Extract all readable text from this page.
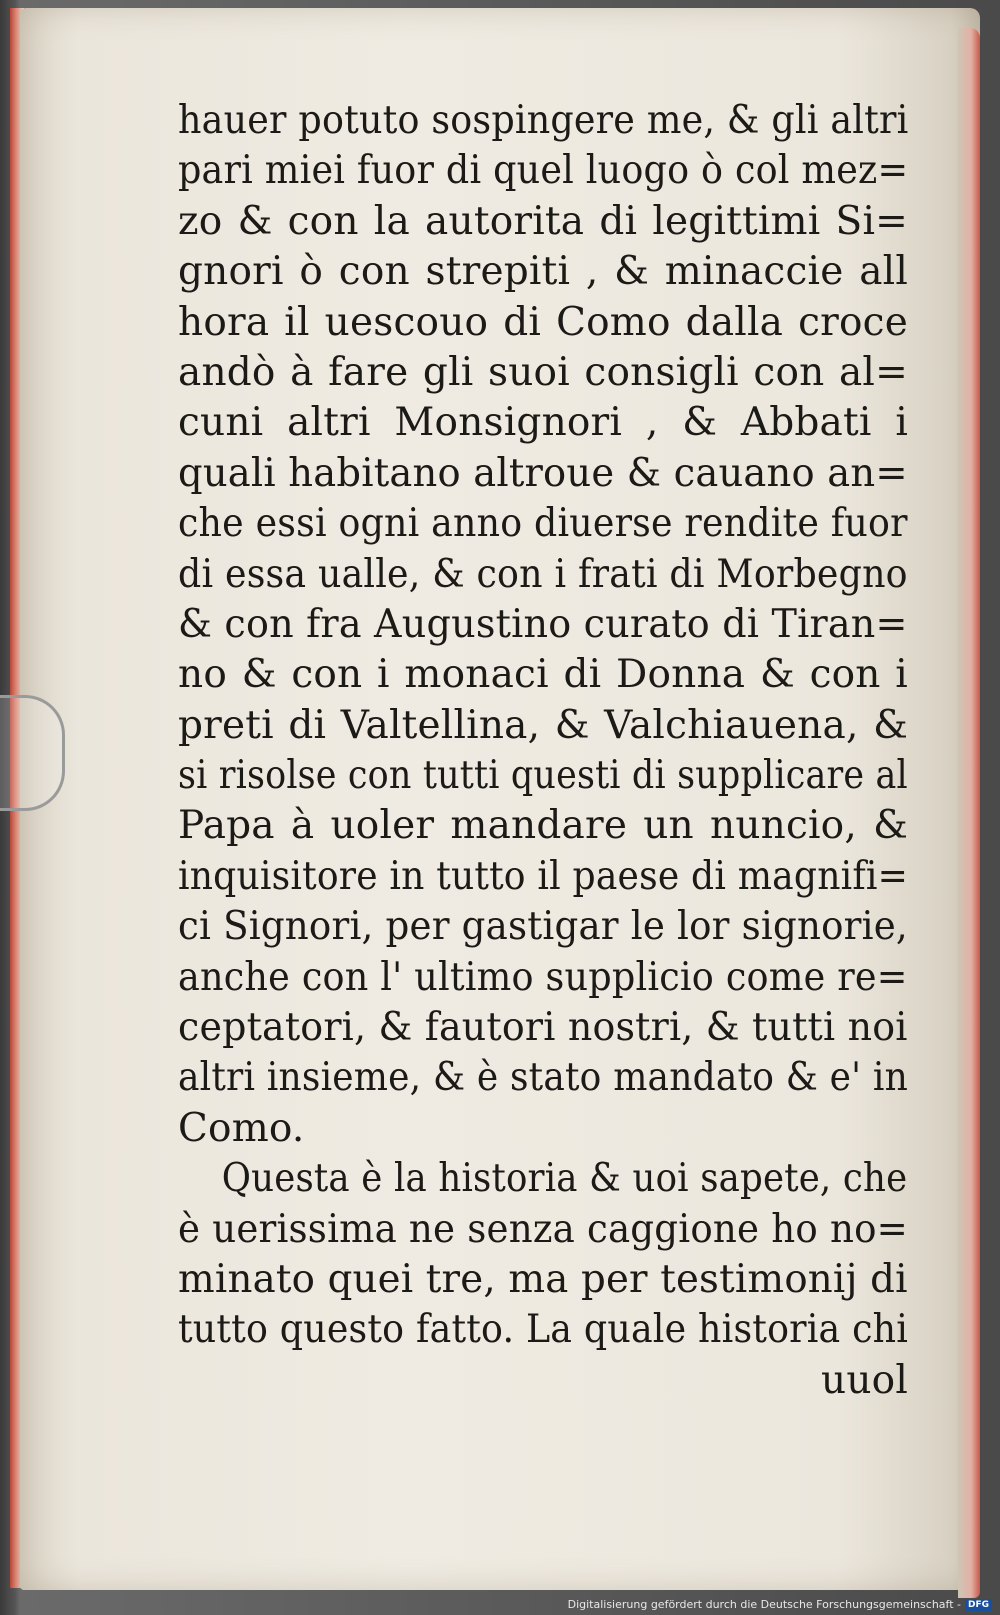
hauer potuto sospingere me, & gli altri
pari miei fuor di quel luogo ò col mez=
zo & con la autorita di legittimi Si=
gnori ò con strepiti , & minaccie all
hora il uescouo di Como dalla croce
andò à fare gli suoi consigli con al=
cuni altri Monsignori , & Abbati i
quali habitano altroue & cauano an=
che essi ogni anno diuerse rendite fuor
di essa ualle, & con i frati di Morbegno
& con fra Augustino curato di Tiran=
no & con i monaci di Donna & con i
preti di Valtellina, & Valchiauena, &
si risolse con tutti questi di supplicare al
Papa à uoler mandare un nuncio, &
inquisitore in tutto il paese di magnifi=
ci Signori, per gastigar le lor signorie,
anche con l' ultimo supplicio come re=
ceptatori, & fautori nostri, & tutti noi
altri insieme, & è stato mandato & e' in
Como.
Questa è la historia & uoi sapete, che
è uerissima ne senza caggione ho no=
minato quei tre, ma per testimonij di
tutto questo fatto. La quale historia chi
uuol
Digitalisierung gefördert durch die Deutsche Forschungsgemeinschaft - DFG
